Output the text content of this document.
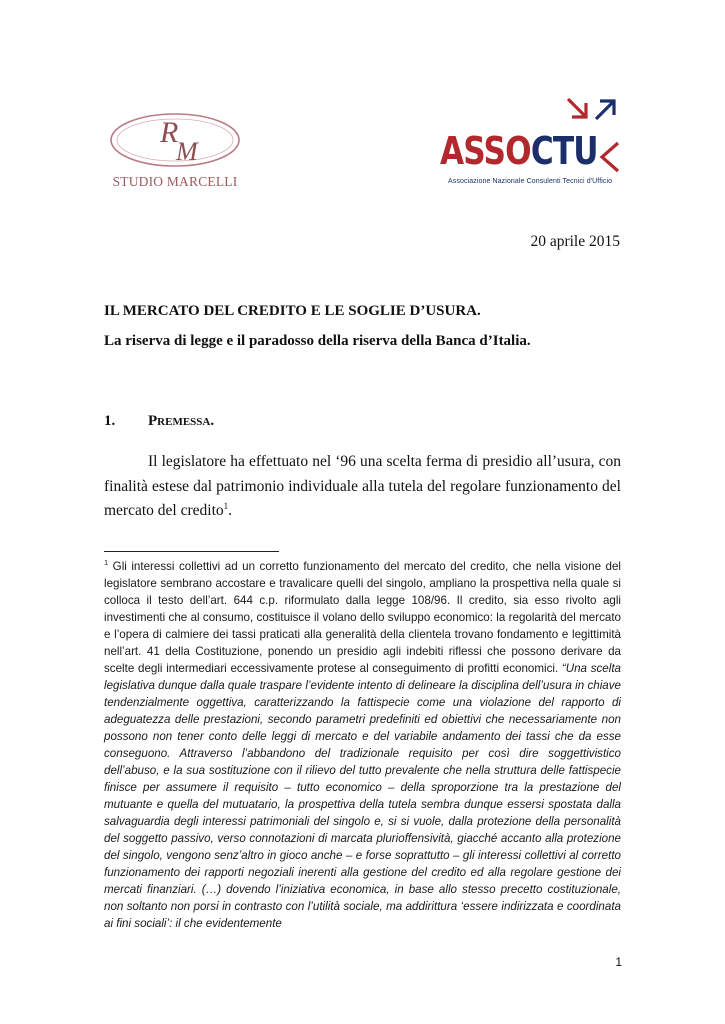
R
M
STUDIO MARCELLI
ASSOCTU
Associazione Nazionale Consulenti Tecnici d'Ufficio
20 aprile 2015
IL MERCATO DEL CREDITO E LE SOGLIE D’USURA.
La riserva di legge e il paradosso della riserva della Banca d’Italia.
1. Premessa.
Il legislatore ha effettuato nel ‘96 una scelta ferma di presidio all’usura, con finalità estese dal patrimonio individuale alla tutela del regolare funzionamento del mercato del credito$^1$.
$^1$ Gli interessi collettivi ad un corretto funzionamento del mercato del credito, che nella visione del legislatore sembrano accostare e travalicare quelli del singolo, ampliano la prospettiva nella quale si colloca il testo dell’art. 644 c.p. riformulato dalla legge 108/96. Il credito, sia esso rivolto agli investimenti che al consumo, costituisce il volano dello sviluppo economico: la regolarità del mercato e l’opera di calmiere dei tassi praticati alla generalità della clientela trovano fondamento e legittimità nell’art. 41 della Costituzione, ponendo un presidio agli indebiti riflessi che possono derivare da scelte degli intermediari eccessivamente protese al conseguimento di profitti economici. “Una scelta legislativa dunque dalla quale traspare l’evidente intento di delineare la disciplina dell’usura in chiave tendenzialmente oggettiva, caratterizzando la fattispecie come una violazione del rapporto di adeguatezza delle prestazioni, secondo parametri predefiniti ed obiettivi che necessariamente non possono non tener conto delle leggi di mercato e del variabile andamento dei tassi che da esse conseguono. Attraverso l’abbandono del tradizionale requisito per così dire soggettivistico dell’abuso, e la sua sostituzione con il rilievo del tutto prevalente che nella struttura delle fattispecie finisce per assumere il requisito – tutto economico – della sproporzione tra la prestazione del mutuante e quella del mutuatario, la prospettiva della tutela sembra dunque essersi spostata dalla salvaguardia degli interessi patrimoniali del singolo e, si si vuole, dalla protezione della personalità del soggetto passivo, verso connotazioni di marcata plurioffensività, giacché accanto alla protezione del singolo, vengono senz’altro in gioco anche – e forse soprattutto – gli interessi collettivi al corretto funzionamento dei rapporti negoziali inerenti alla gestione del credito ed alla regolare gestione dei mercati finanziari. (…) dovendo l’iniziativa economica, in base allo stesso precetto costituzionale, non soltanto non porsi in contrasto con l’utilità sociale, ma addirittura ‘essere indirizzata e coordinata ai fini sociali’: il che evidentemente
1
